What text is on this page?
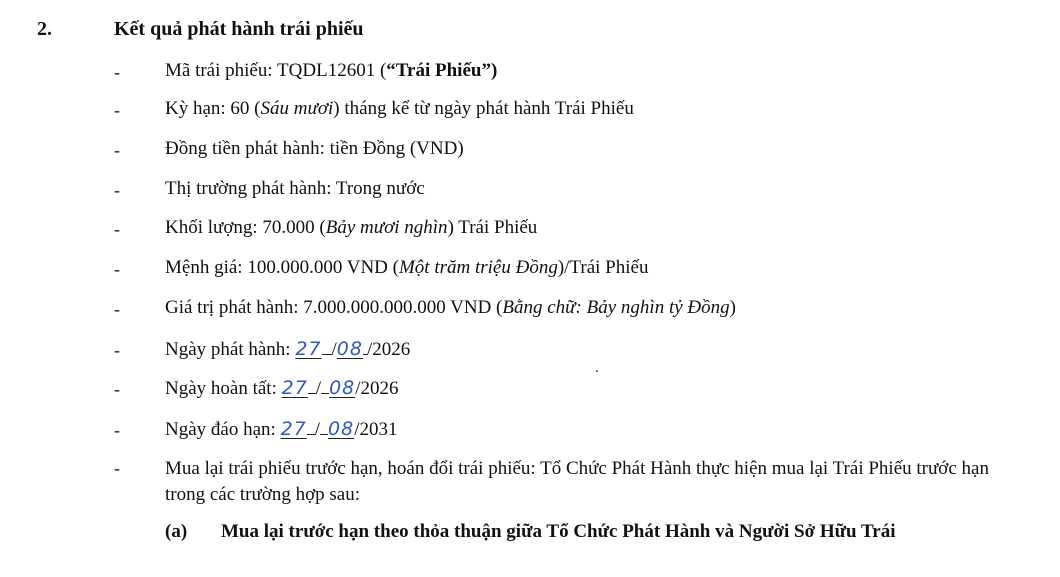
2.	Kết quả phát hành trái phiếu
- Mã trái phiếu: TQDL12601 (“Trái Phiếu”)
- Kỳ hạn: 60 (Sáu mươi) tháng kể từ ngày phát hành Trái Phiếu
- Đồng tiền phát hành: tiền Đồng (VND)
- Thị trường phát hành: Trong nước
- Khối lượng: 70.000 (Bảy mươi nghìn) Trái Phiếu
- Mệnh giá: 100.000.000 VND (Một trăm triệu Đồng)/Trái Phiếu
- Giá trị phát hành: 7.000.000.000.000 VND (Bằng chữ: Bảy nghìn tỷ Đồng)
- Ngày phát hành: 27 /08 /2026
- Ngày hoàn tất: 27 / 08/2026
- Ngày đáo hạn: 27 / 08/2031
- Mua lại trái phiếu trước hạn, hoán đổi trái phiếu: Tổ Chức Phát Hành thực hiện mua lại Trái Phiếu trước hạn trong các trường hợp sau:
(a) Mua lại trước hạn theo thỏa thuận giữa Tổ Chức Phát Hành và Người Sở Hữu Trái
